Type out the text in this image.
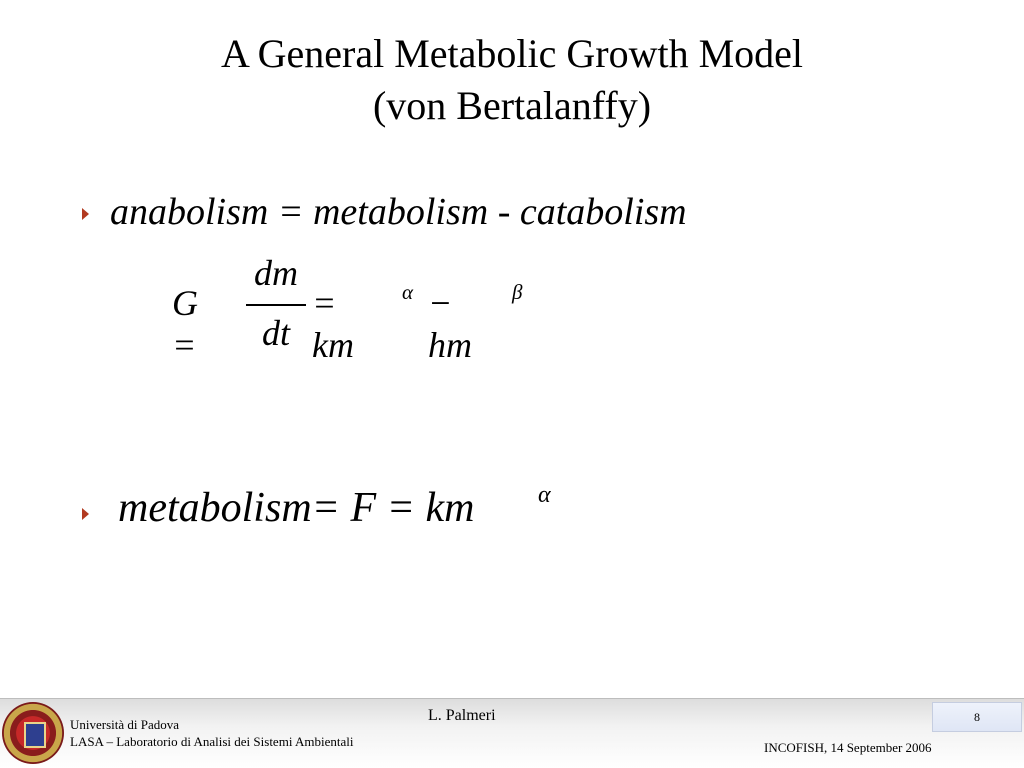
A General Metabolic Growth Model
(von Bertalanffy)
anabolism = metabolism - catabolism
G =
dm
dt
= km
α − hm
β
metabolism= F = km	α
Università di Padova
LASA – Laboratorio di Analisi dei Sistemi Ambientali
L. Palmeri	8
INCOFISH, 14 September 2006
